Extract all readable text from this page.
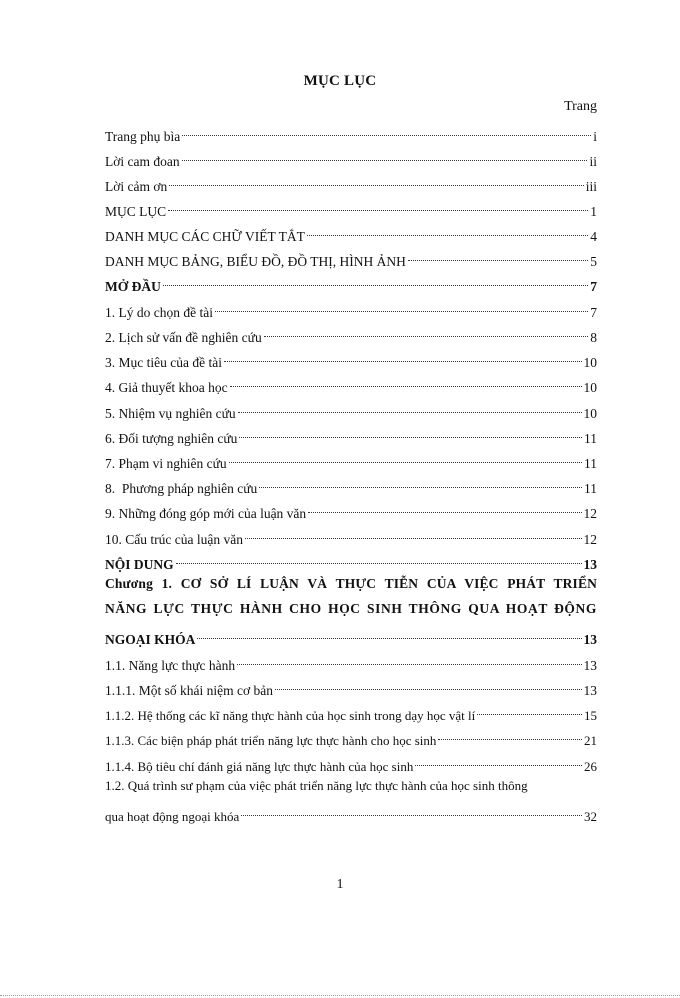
MỤC LỤC
Trang
Trang phụ bìa	i
Lời cam đoan	ii
Lời cảm ơn	iii
MỤC LỤC	1
DANH MỤC CÁC CHỮ VIẾT TẮT	4
DANH MỤC BẢNG, BIỂU ĐỒ, ĐỒ THỊ, HÌNH ẢNH	5
MỞ ĐẦU	7
1. Lý do chọn đề tài	7
2. Lịch sử vấn đề nghiên cứu	8
3. Mục tiêu của đề tài	10
4. Giả thuyết khoa học	10
5. Nhiệm vụ nghiên cứu	10
6. Đối tượng nghiên cứu	11
7. Phạm vi nghiên cứu	11
8.  Phương pháp nghiên cứu	11
9. Những đóng góp mới của luận văn	12
10. Cấu trúc của luận văn	12
NỘI DUNG	13
Chương 1. CƠ SỞ LÍ LUẬN VÀ THỰC TIỄN CỦA VIỆC PHÁT TRIỂN
NĂNG LỰC THỰC HÀNH CHO HỌC SINH THÔNG QUA HOẠT ĐỘNG
NGOẠI KHÓA	13
1.1. Năng lực thực hành	13
1.1.1. Một số khái niệm cơ bản	13
1.1.2. Hệ thống các kĩ năng thực hành của học sinh trong dạy học vật lí	15
1.1.3. Các biện pháp phát triển năng lực thực hành cho học sinh	21
1.1.4. Bộ tiêu chí đánh giá năng lực thực hành của học sinh	26
1.2. Quá trình sư phạm của việc phát triển năng lực thực hành của học sinh thông
qua hoạt động ngoại khóa	32
1
